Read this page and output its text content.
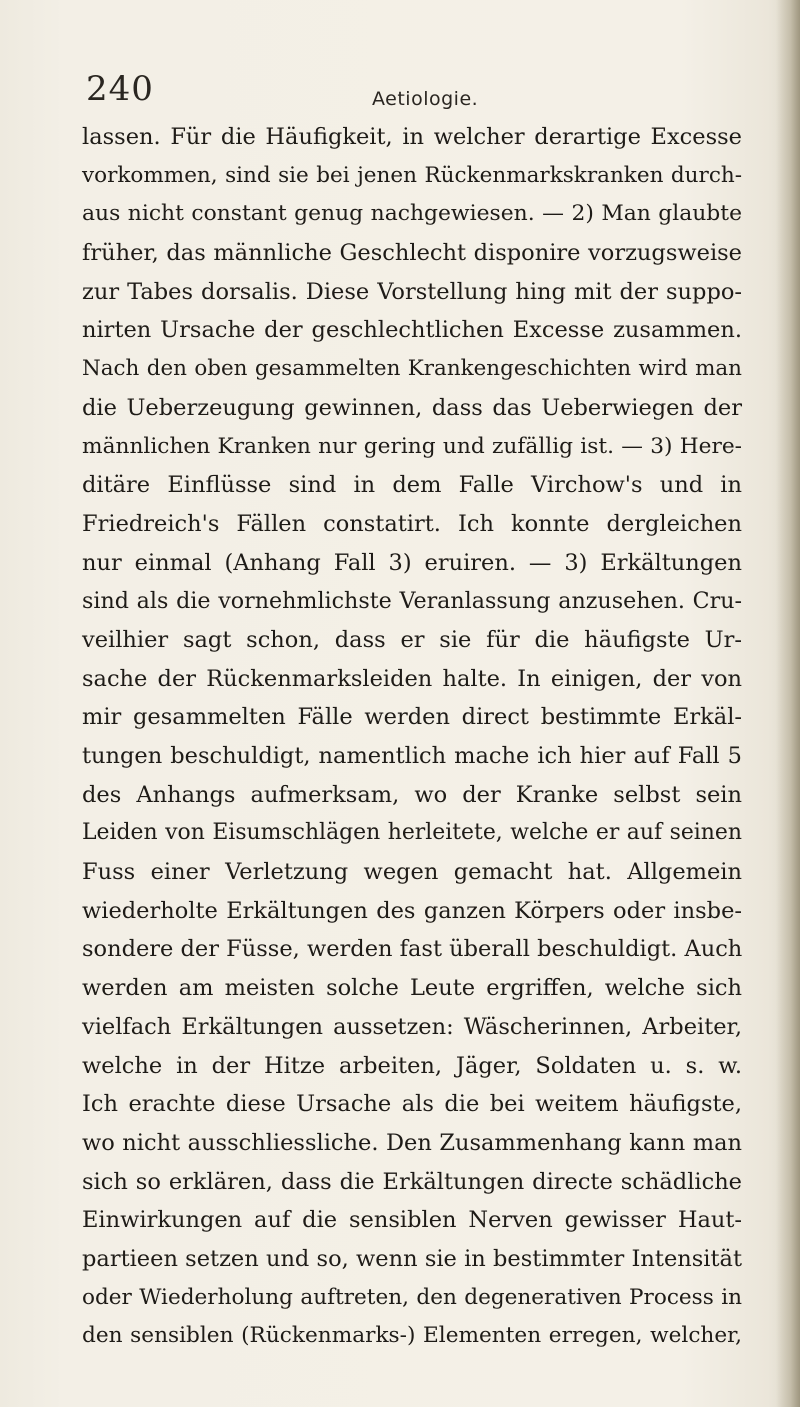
240	Aetiologie.
lassen. Für die Häufigkeit, in welcher derartige Excesse
vorkommen, sind sie bei jenen Rückenmarkskranken durch-
aus nicht constant genug nachgewiesen. — 2) Man glaubte
früher, das männliche Geschlecht disponire vorzugsweise
zur Tabes dorsalis. Diese Vorstellung hing mit der suppo-
nirten Ursache der geschlechtlichen Excesse zusammen.
Nach den oben gesammelten Krankengeschichten wird man
die Ueberzeugung gewinnen, dass das Ueberwiegen der
männlichen Kranken nur gering und zufällig ist. — 3) Here-
ditäre Einflüsse sind in dem Falle Virchow's und in
Friedreich's Fällen constatirt. Ich konnte dergleichen
nur einmal (Anhang Fall 3) eruiren. — 3) Erkältungen
sind als die vornehmlichste Veranlassung anzusehen. Cru-
veilhier sagt schon, dass er sie für die häufigste Ur-
sache der Rückenmarksleiden halte. In einigen, der von
mir gesammelten Fälle werden direct bestimmte Erkäl-
tungen beschuldigt, namentlich mache ich hier auf Fall 5
des Anhangs aufmerksam, wo der Kranke selbst sein
Leiden von Eisumschlägen herleitete, welche er auf seinen
Fuss einer Verletzung wegen gemacht hat. Allgemein
wiederholte Erkältungen des ganzen Körpers oder insbe-
sondere der Füsse, werden fast überall beschuldigt. Auch
werden am meisten solche Leute ergriffen, welche sich
vielfach Erkältungen aussetzen: Wäscherinnen, Arbeiter,
welche in der Hitze arbeiten, Jäger, Soldaten u. s. w.
Ich erachte diese Ursache als die bei weitem häufigste,
wo nicht ausschliessliche. Den Zusammenhang kann man
sich so erklären, dass die Erkältungen directe schädliche
Einwirkungen auf die sensiblen Nerven gewisser Haut-
partieen setzen und so, wenn sie in bestimmter Intensität
oder Wiederholung auftreten, den degenerativen Process in
den sensiblen (Rückenmarks-) Elementen erregen, welcher,
